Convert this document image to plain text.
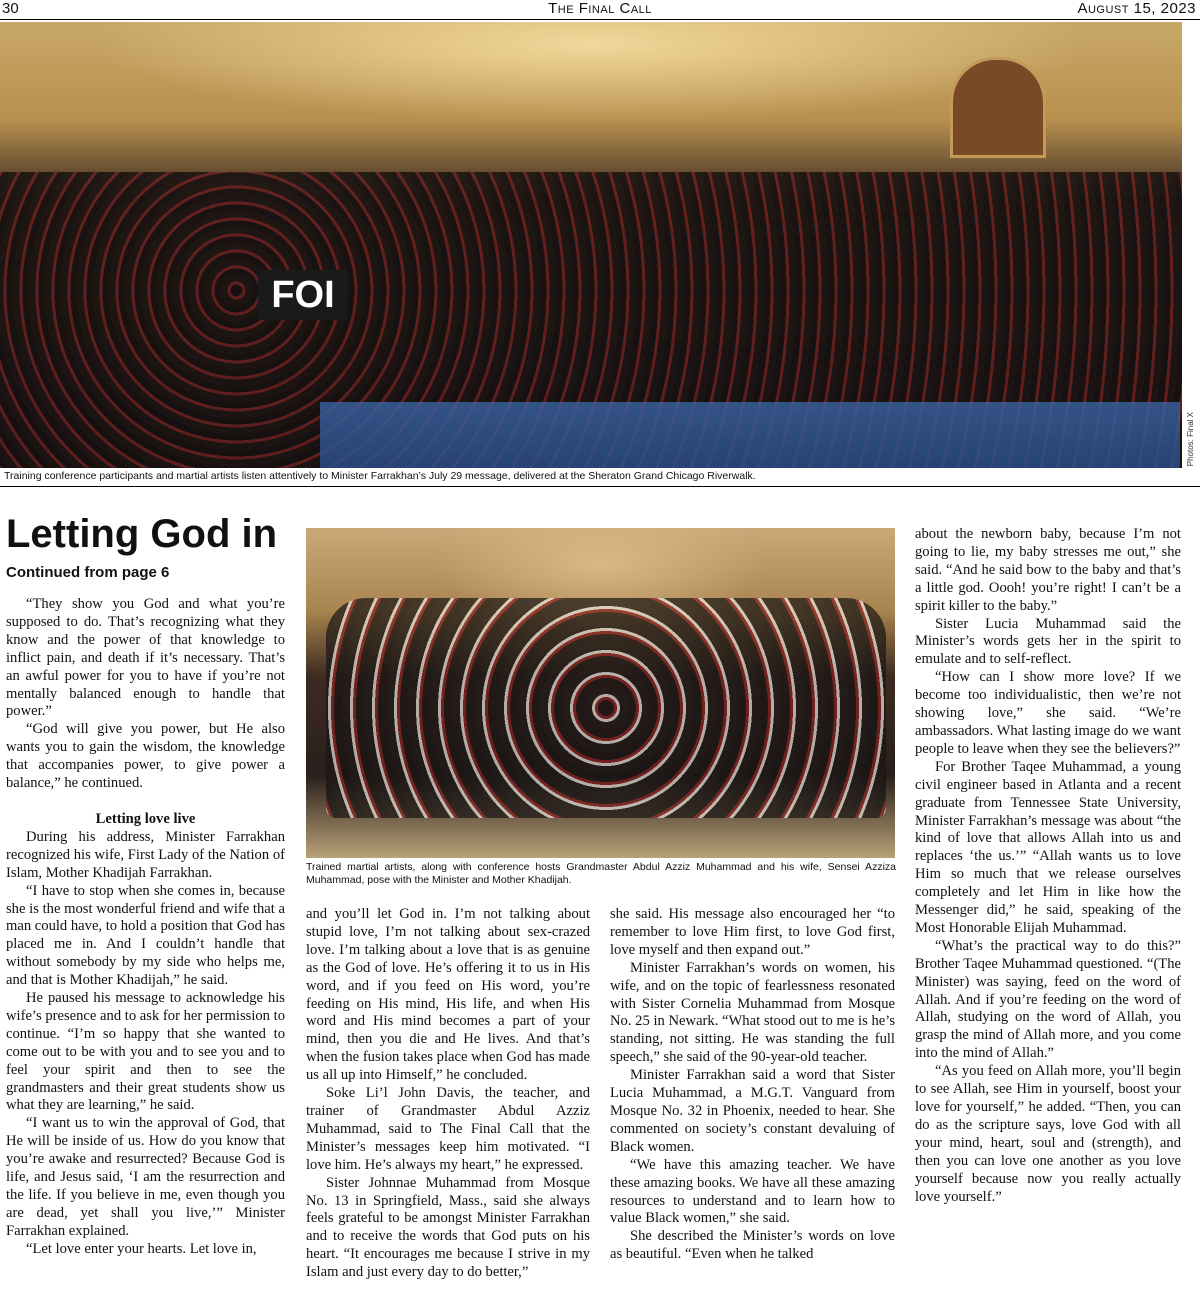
30	The Final Call	August 15, 2023
FOI
Photos: Final X
Training conference participants and martial artists listen attentively to Minister Farrakhan’s July 29 message, delivered at the Sheraton Grand Chicago Riverwalk.
Letting God in
Continued from page 6

“They show you God and what you’re supposed to do. That’s recognizing what they know and the power of that knowledge to inflict pain, and death if it’s necessary. That’s an awful power for you to have if you’re not mentally balanced enough to handle that power.”

“God will give you power, but He also wants you to gain the wisdom, the knowledge that accompanies power, to give power a balance,” he continued.

Letting love live

During his address, Minister Farrakhan recognized his wife, First Lady of the Nation of Islam, Mother Khadijah Farrakhan.

“I have to stop when she comes in, because she is the most wonderful friend and wife that a man could have, to hold a position that God has placed me in. And I couldn’t handle that without somebody by my side who helps me, and that is Mother Khadijah,” he said.

He paused his message to acknowledge his wife’s presence and to ask for her permission to continue. “I’m so happy that she wanted to come out to be with you and to see you and to feel your spirit and then to see the grandmasters and their great students show us what they are learning,” he said.

“I want us to win the approval of God, that He will be inside of us. How do you know that you’re awake and resurrected? Because God is life, and Jesus said, ‘I am the resurrection and the life. If you believe in me, even though you are dead, yet shall you live,’” Minister Farrakhan explained.

“Let love enter your hearts. Let love in,

Trained martial artists, along with conference hosts Grandmaster Abdul Azziz Muhammad and his wife, Sensei Azziza Muhammad, pose with the Minister and Mother Khadijah.

and you’ll let God in. I’m not talking about stupid love, I’m not talking about sex-crazed love. I’m talking about a love that is as genuine as the God of love. He’s offering it to us in His word, and if you feed on His word, you’re feeding on His mind, His life, and when His word and His mind becomes a part of your mind, then you die and He lives. And that’s when the fusion takes place when God has made us all up into Himself,” he concluded.

Soke Li’l John Davis, the teacher, and trainer of Grandmaster Abdul Azziz Muhammad, said to The Final Call that the Minister’s messages keep him motivated. “I love him. He’s always my heart,” he expressed.

Sister Johnnae Muhammad from Mosque No. 13 in Springfield, Mass., said she always feels grateful to be amongst Minister Farrakhan and to receive the words that God puts on his heart. “It encourages me because I strive in my Islam and just every day to do better,”

she said. His message also encouraged her “to remember to love Him first, to love God first, love myself and then expand out.”

Minister Farrakhan’s words on women, his wife, and on the topic of fearlessness resonated with Sister Cornelia Muhammad from Mosque No. 25 in Newark. “What stood out to me is he’s standing, not sitting. He was standing the full speech,” she said of the 90-year-old teacher.

Minister Farrakhan said a word that Sister Lucia Muhammad, a M.G.T. Vanguard from Mosque No. 32 in Phoenix, needed to hear. She commented on society’s constant devaluing of Black women.

“We have this amazing teacher. We have these amazing books. We have all these amazing resources to understand and to learn how to value Black women,” she said.

She described the Minister’s words on love as beautiful. “Even when he talked

about the newborn baby, because I’m not going to lie, my baby stresses me out,” she said. “And he said bow to the baby and that’s a little god. Oooh! you’re right! I can’t be a spirit killer to the baby.”

Sister Lucia Muhammad said the Minister’s words gets her in the spirit to emulate and to self-reflect.

“How can I show more love? If we become too individualistic, then we’re not showing love,” she said. “We’re ambassadors. What lasting image do we want people to leave when they see the believers?”

For Brother Taqee Muhammad, a young civil engineer based in Atlanta and a recent graduate from Tennessee State University, Minister Farrakhan’s message was about “the kind of love that allows Allah into us and replaces ‘the us.’” “Allah wants us to love Him so much that we release ourselves completely and let Him in like how the Messenger did,” he said, speaking of the Most Honorable Elijah Muhammad.

“What’s the practical way to do this?” Brother Taqee Muhammad questioned. “(The Minister) was saying, feed on the word of Allah. And if you’re feeding on the word of Allah, studying on the word of Allah, you grasp the mind of Allah more, and you come into the mind of Allah.”

“As you feed on Allah more, you’ll begin to see Allah, see Him in yourself, boost your love for yourself,” he added. “Then, you can do as the scripture says, love God with all your mind, heart, soul and (strength), and then you can love one another as you love yourself because now you really actually love yourself.”
